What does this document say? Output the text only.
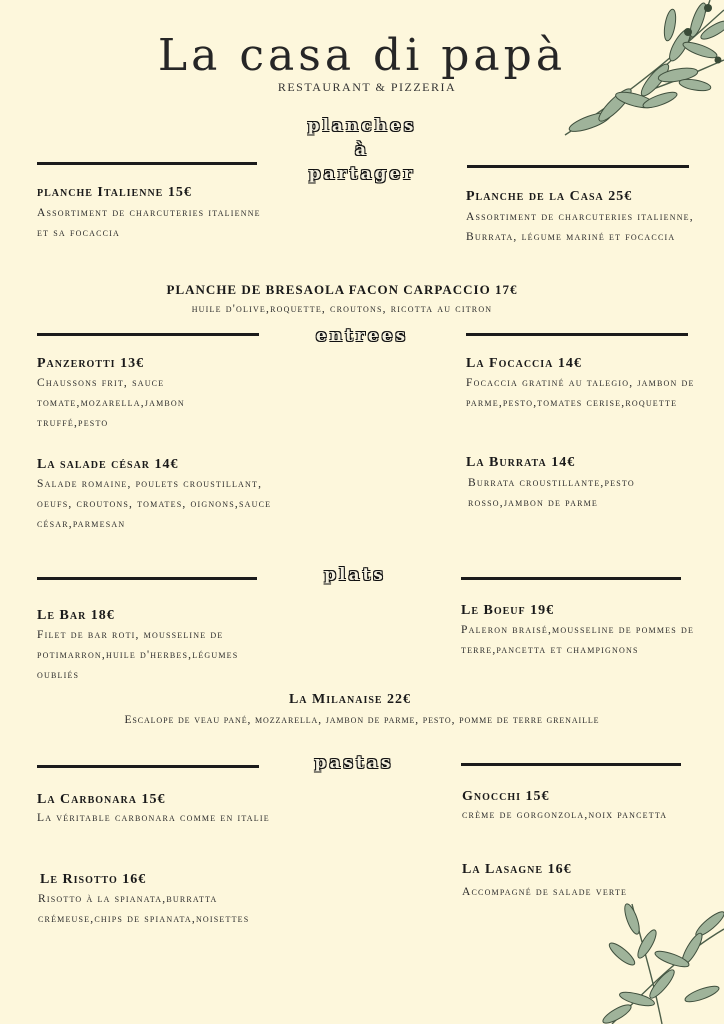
La casa di papà
RESTAURANT & PIZZERIA
planches
à
partager
planche Italienne 15€
Assortiment de charcuteries italienne et sa focaccia
Planche de la Casa 25€
Assortiment de charcuteries italienne, Burrata, légume mariné et focaccia
PLANCHE DE BRESAOLA FACON CARPACCIO 17€
huile d'olive,roquette, croutons, ricotta au citron
entrees
Panzerotti 13€
Chaussons frit, sauce tomate,mozarella,jambon truffé,pesto
La Focaccia 14€
Focaccia gratiné au talegio, jambon de parme,pesto,tomates cerise,roquette
La salade césar 14€
Salade romaine, poulets croustillant, oeufs, croutons, tomates, oignons,sauce césar,parmesan
La Burrata 14€
Burrata croustillante,pesto rosso,jambon de parme
plats
Le Bar 18€
Filet de bar roti, mousseline de potimarron,huile d'herbes,légumes oubliés
Le Boeuf 19€
Paleron braisé,mousseline de pommes de terre,pancetta et champignons
La Milanaise 22€
Escalope de veau pané, mozzarella, jambon de parme, pesto, pomme de terre grenaille
pastas
La Carbonara 15€
La véritable carbonara comme en italie
Gnocchi 15€
crème de gorgonzola,noix pancetta
Le Risotto 16€
Risotto à la spianata,burratta crémeuse,chips de spianata,noisettes
La Lasagne 16€
Accompagné de salade verte
